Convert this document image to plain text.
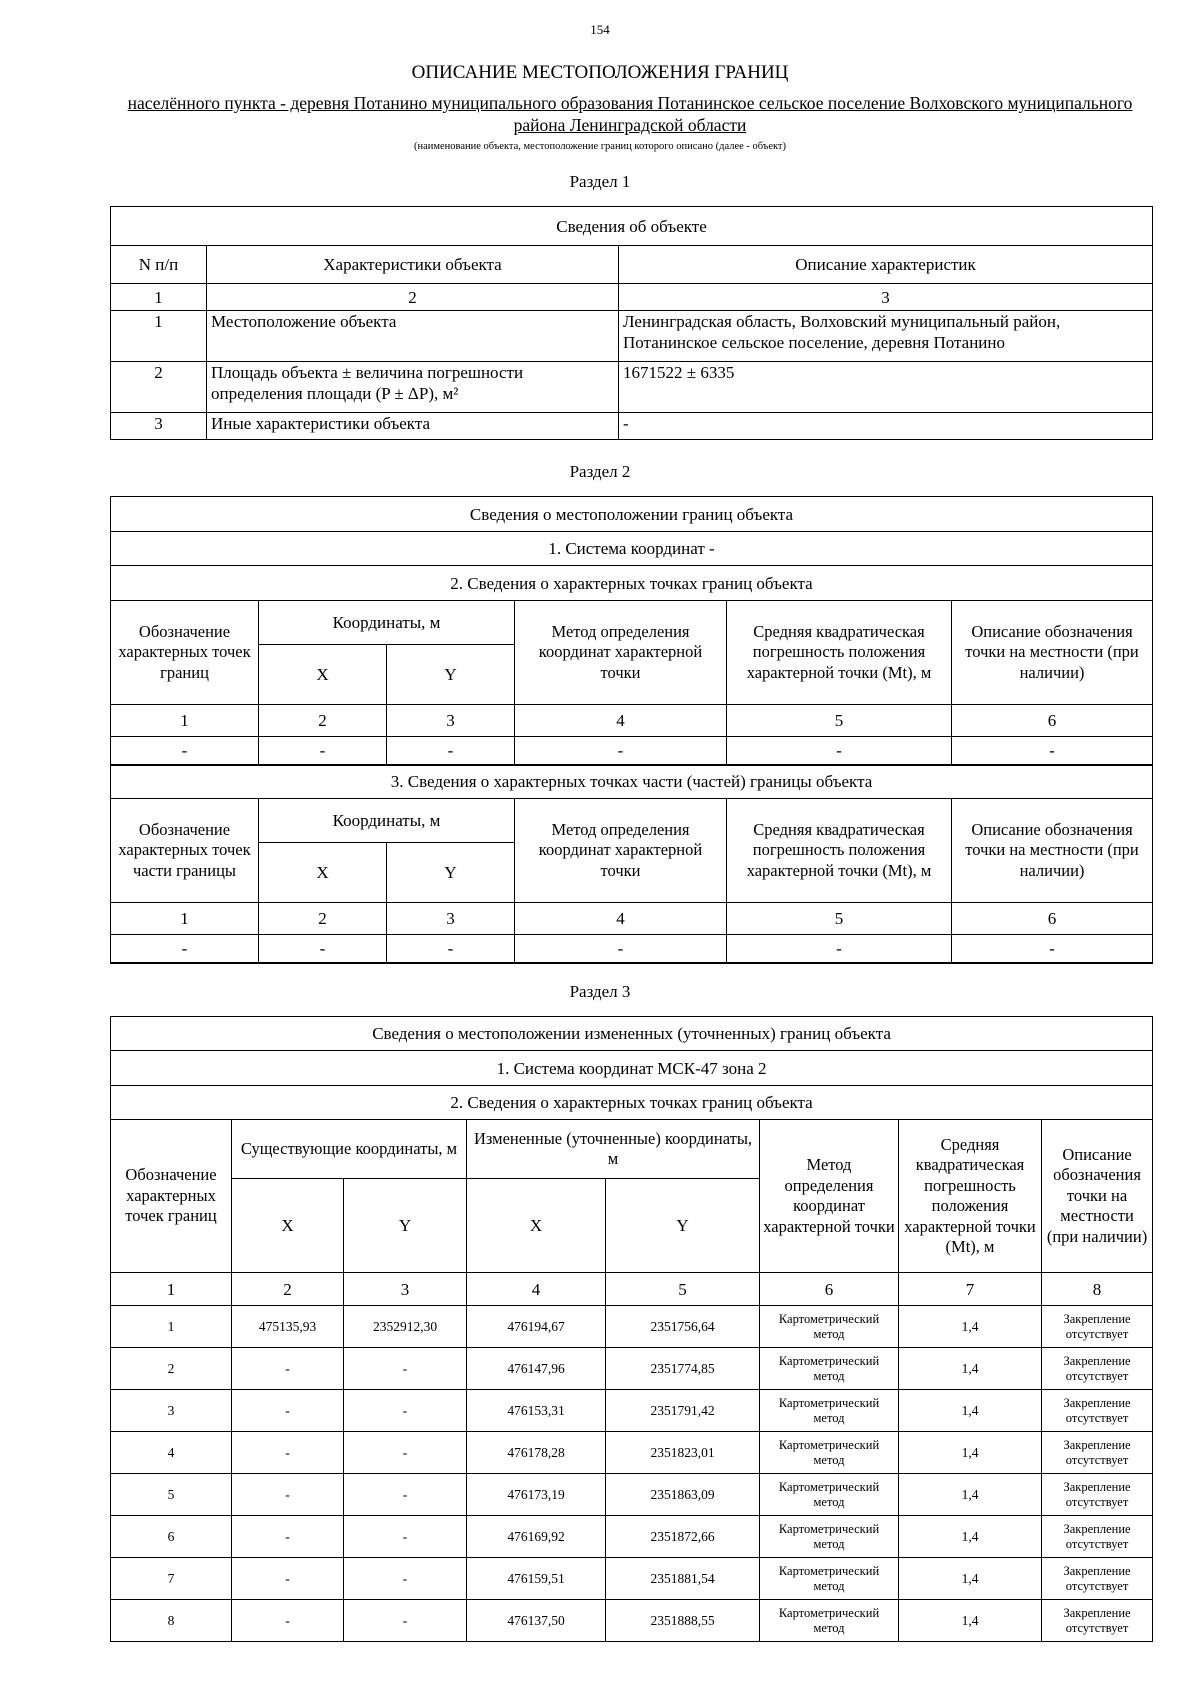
154
ОПИСАНИЕ МЕСТОПОЛОЖЕНИЯ ГРАНИЦ
населённого пункта - деревня Потанино муниципального образования Потанинское сельское поселение Волховского муниципального района Ленинградской области
(наименование объекта, местоположение границ которого описано (далее - объект)
Раздел 1
Сведения об объекте		
N п/п	Характеристики объекта	Описание характеристик
1	2	3
1	Местоположение объекта	Ленинградская область, Волховский муниципальный район, Потанинское сельское поселение, деревня Потанино
2	Площадь объекта ± величина погрешности определения площади (P ± ΔP), м²	1671522 ± 6335
3	Иные характеристики объекта	-
Раздел 2
Сведения о местоположении границ объекта					
1. Система координат -					
2. Сведения о характерных точках границ объекта					
Обозначение характерных точек границ	Координаты, м		Метод определения координат характерной точки	Средняя квадратическая погрешность положения характерной точки (Mt), м	Описание обозначения точки на местности (при наличии)
	X	Y			
1	2	3	4	5	6
-	-	-	-	-	-
3. Сведения о характерных точках части (частей) границы объекта					
Обозначение характерных точек части границы	Координаты, м		Метод определения координат характерной точки	Средняя квадратическая погрешность положения характерной точки (Mt), м	Описание обозначения точки на местности (при наличии)
	X	Y			
1	2	3	4	5	6
-	-	-	-	-	-
Раздел 3
Сведения о местоположении измененных (уточненных) границ объекта							
1. Система координат МСК-47 зона 2							
2. Сведения о характерных точках границ объекта							
Обозначение характерных точек границ	Существующие координаты, м		Измененные (уточненные) координаты, м		Метод определения координат характерной точки	Средняя квадратическая погрешность положения характерной точки (Mt), м	Описание обозначения точки на местности (при наличии)
	X	Y	X	Y			
1	2	3	4	5	6	7	8
1	475135,93	2352912,30	476194,67	2351756,64	Картометрический метод	1,4	Закрепление отсутствует
2	-	-	476147,96	2351774,85	Картометрический метод	1,4	Закрепление отсутствует
3	-	-	476153,31	2351791,42	Картометрический метод	1,4	Закрепление отсутствует
4	-	-	476178,28	2351823,01	Картометрический метод	1,4	Закрепление отсутствует
5	-	-	476173,19	2351863,09	Картометрический метод	1,4	Закрепление отсутствует
6	-	-	476169,92	2351872,66	Картометрический метод	1,4	Закрепление отсутствует
7	-	-	476159,51	2351881,54	Картометрический метод	1,4	Закрепление отсутствует
8	-	-	476137,50	2351888,55	Картометрический метод	1,4	Закрепление отсутствует
